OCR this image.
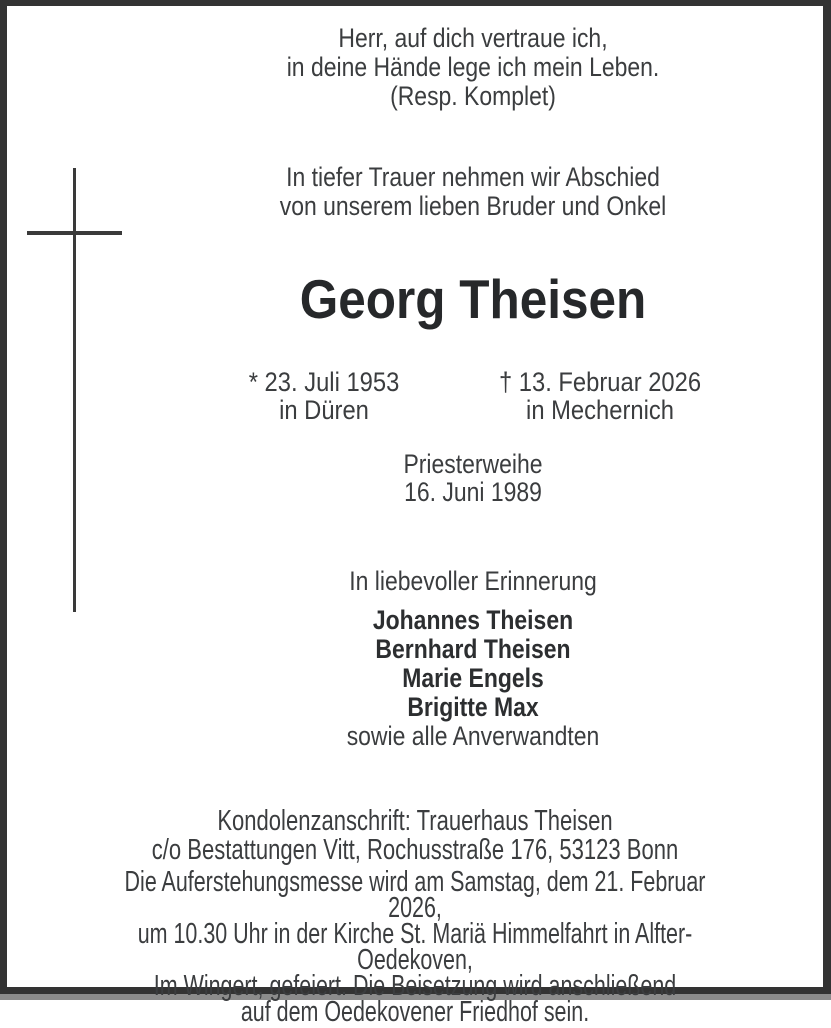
Herr, auf dich vertraue ich,
in deine Hände lege ich mein Leben.
(Resp. Komplet)
In tiefer Trauer nehmen wir Abschied
von unserem lieben Bruder und Onkel
Georg Theisen
* 23. Juli 1953
in Düren
† 13. Februar 2026
in Mechernich
Priesterweihe
16. Juni 1989
In liebevoller Erinnerung
Johannes Theisen
Bernhard Theisen
Marie Engels
Brigitte Max
sowie alle Anverwandten
Kondolenzanschrift: Trauerhaus Theisen
c/o Bestattungen Vitt, Rochusstraße 176, 53123 Bonn
Die Auferstehungsmesse wird am Samstag, dem 21. Februar 2026,
um 10.30 Uhr in der Kirche St. Mariä Himmelfahrt in Alfter-Oedekoven,
Im Wingert, gefeiert. Die Beisetzung wird anschließend
auf dem Oedekovener Friedhof sein.
